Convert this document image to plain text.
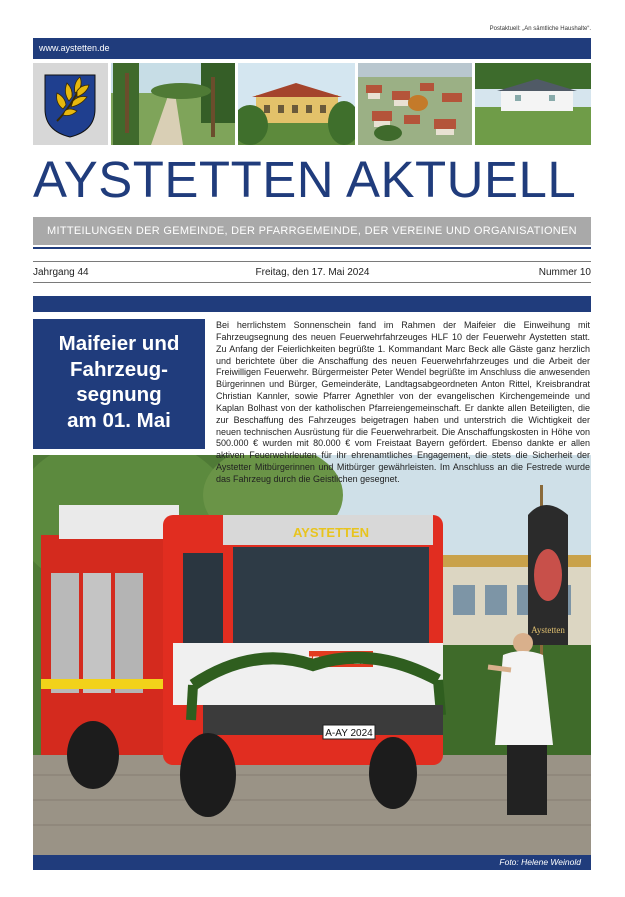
Postaktuell: „An sämtliche Haushalte“.
www.aystetten.de
AYSTETTEN AKTUELL
MITTEILUNGEN DER GEMEINDE, DER PFARRGEMEINDE, DER VEREINE UND ORGANISATIONEN
Jahrgang 44	Freitag, den 17. Mai 2024	Nummer 10
AYSTETTEN
FEUERWEHR
A-AY 2024
Aystetten
Maifeier und
Fahrzeug-
segnung
am 01. Mai
Bei herrlichstem Sonnenschein fand im Rahmen der Maifeier die Einweihung mit Fahrzeugsegnung des neuen Feuerwehrfahrzeuges HLF 10 der Feuerwehr Aystetten statt. Zu Anfang der Feierlichkeiten begrüßte 1. Kommandant Marc Beck alle Gäste ganz herzlich und berichtete über die Anschaffung des neuen Feuerwehrfahrzeuges und die Arbeit der Freiwilligen Feuerwehr. Bürgermeister Peter Wendel begrüßte im Anschluss die anwesenden Bürgerinnen und Bürger, Gemeinderäte, Landtagsabgeordneten Anton Rittel, Kreisbrandrat Christian Kannler, sowie Pfarrer Agnethler von der evangelischen Kirchengemeinde und Kaplan Bolhast von der katholischen Pfarreiengemeinschaft. Er dankte allen Beteiligten, die zur Beschaffung des Fahrzeuges beigetragen haben und unterstrich die Wichtigkeit der neuen technischen Ausrüstung für die Feuerwehrarbeit. Die Anschaffungskosten in Höhe von 500.000 € wurden mit 80.000 € vom Freistaat Bayern gefördert. Ebenso dankte er allen aktiven Feuerwehrleuten für ihr ehrenamtliches Engagement, die stets die Sicherheit der Aystetter Mitbürgerinnen und Mitbürger gewährleisten. Im Anschluss an die Festrede wurde das Fahrzeug durch die Geistlichen gesegnet.
Foto: Helene Weinold
